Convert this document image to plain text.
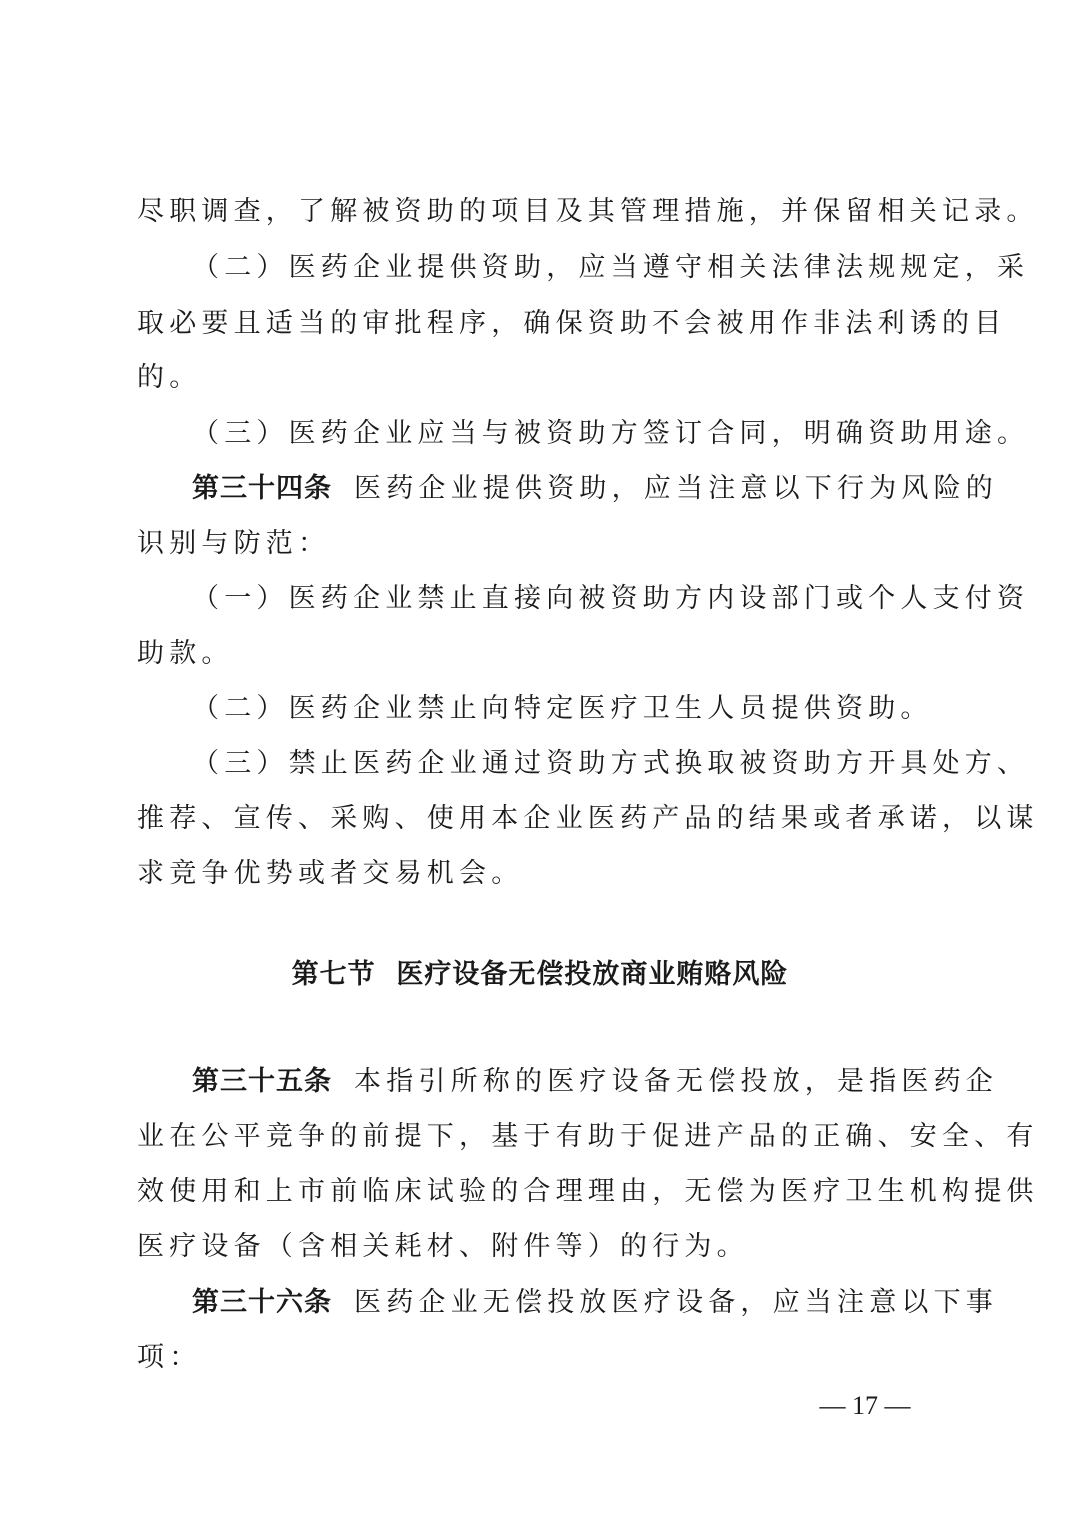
尽职调查，了解被资助的项目及其管理措施，并保留相关记录。
（二）医药企业提供资助，应当遵守相关法律法规规定，采
取必要且适当的审批程序，确保资助不会被用作非法利诱的目
的。
（三）医药企业应当与被资助方签订合同，明确资助用途。
第三十四条 医药企业提供资助，应当注意以下行为风险的
识别与防范：
（一）医药企业禁止直接向被资助方内设部门或个人支付资
助款。
（二）医药企业禁止向特定医疗卫生人员提供资助。
（三）禁止医药企业通过资助方式换取被资助方开具处方、
推荐、宣传、采购、使用本企业医药产品的结果或者承诺，以谋
求竞争优势或者交易机会。
第七节  医疗设备无偿投放商业贿赂风险
第三十五条 本指引所称的医疗设备无偿投放，是指医药企
业在公平竞争的前提下，基于有助于促进产品的正确、安全、有
效使用和上市前临床试验的合理理由，无偿为医疗卫生机构提供
医疗设备（含相关耗材、附件等）的行为。
第三十六条 医药企业无偿投放医疗设备，应当注意以下事
项：
— 17 —
